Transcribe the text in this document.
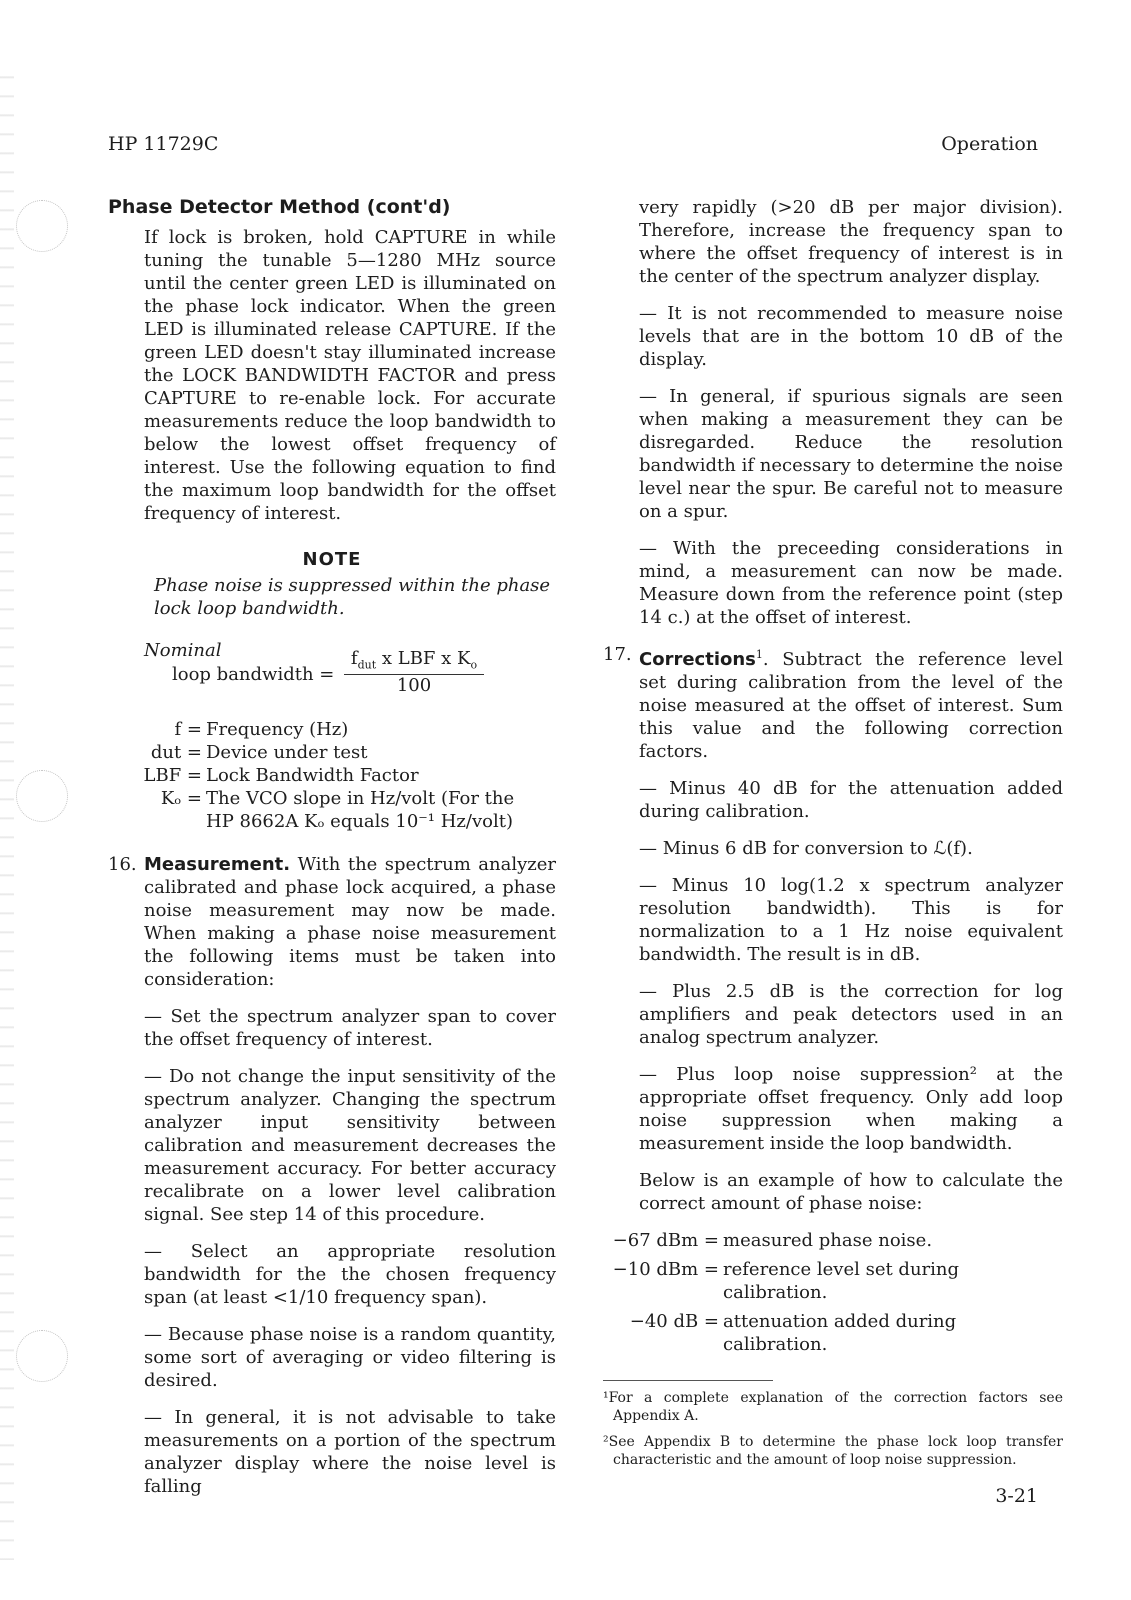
HP 11729C	Operation
Phase Detector Method (cont'd)

If lock is broken, hold CAPTURE in while tuning the tunable 5—1280 MHz source until the center green LED is illuminated on the phase lock indicator. When the green LED is illuminated release CAPTURE. If the green LED doesn't stay illuminated increase the LOCK BANDWIDTH FACTOR and press CAPTURE to re-enable lock. For accurate measurements reduce the loop bandwidth to below the lowest offset frequency of interest. Use the following equation to find the maximum loop bandwidth for the offset frequency of interest.

NOTE
Phase noise is suppressed within the phase lock loop bandwidth.
Nominal
loop bandwidth =
$f_{dut}$ x LBF x $K_o$
100
f = Frequency (Hz)
dut = Device under test
LBF = Lock Bandwidth Factor
Kₒ = The VCO slope in Hz/volt (For the
HP 8662A Kₒ equals 10⁻¹ Hz/volt)
16. Measurement. With the spectrum analyzer calibrated and phase lock acquired, a phase noise measurement may now be made. When making a phase noise measurement the following items must be taken into consideration:

— Set the spectrum analyzer span to cover the offset frequency of interest.

— Do not change the input sensitivity of the spectrum analyzer. Changing the spectrum analyzer input sensitivity between calibration and measurement decreases the measurement accuracy. For better accuracy recalibrate on a lower level calibration signal. See step 14 of this procedure.

— Select an appropriate resolution bandwidth for the the chosen frequency span (at least <1/10 frequency span).

— Because phase noise is a random quantity, some sort of averaging or video filtering is desired.

— In general, it is not advisable to take measurements on a portion of the spectrum analyzer display where the noise level is falling

very rapidly (>20 dB per major division). Therefore, increase the frequency span to where the offset frequency of interest is in the center of the spectrum analyzer display.

— It is not recommended to measure noise levels that are in the bottom 10 dB of the display.

— In general, if spurious signals are seen when making a measurement they can be disregarded. Reduce the resolution bandwidth if necessary to determine the noise level near the spur. Be careful not to measure on a spur.

— With the preceeding considerations in mind, a measurement can now be made. Measure down from the reference point (step 14 c.) at the offset of interest.

17. Corrections$^1$. Subtract the reference level set during calibration from the level of the noise measured at the offset of interest. Sum this value and the following correction factors.

— Minus 40 dB for the attenuation added during calibration.

— Minus 6 dB for conversion to ℒ(f).

— Minus 10 log(1.2 x spectrum analyzer resolution bandwidth). This is for normalization to a 1 Hz noise equivalent bandwidth. The result is in dB.

— Plus 2.5 dB is the correction for log amplifiers and peak detectors used in an analog spectrum analyzer.

— Plus loop noise suppression² at the appropriate offset frequency. Only add loop noise suppression when making a measurement inside the loop bandwidth.

Below is an example of how to calculate the correct amount of phase noise:

−67 dBm = measured phase noise.
−10 dBm = reference level set during calibration.
−40 dB = attenuation added during calibration.

¹For a complete explanation of the correction factors see Appendix A.

²See Appendix B to determine the phase lock loop transfer characteristic and the amount of loop noise suppression.

3-21
